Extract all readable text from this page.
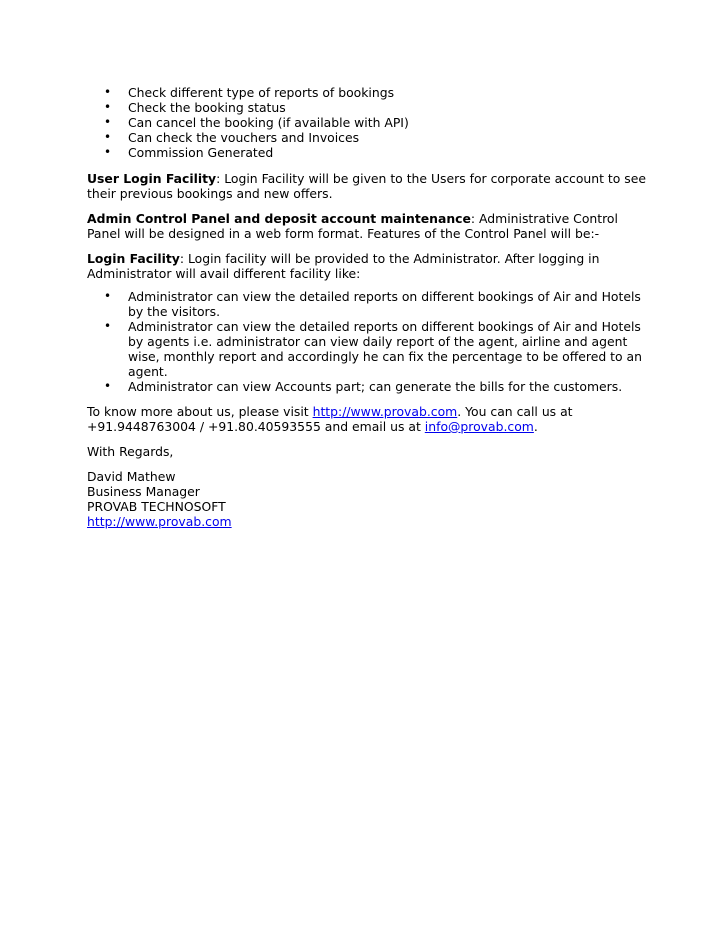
• Check different type of reports of bookings
• Check the booking status
• Can cancel the booking (if available with API)
• Can check the vouchers and Invoices
• Commission Generated

User Login Facility: Login Facility will be given to the Users for corporate account to see their previous bookings and new offers.

Admin Control Panel and deposit account maintenance: Administrative Control Panel will be designed in a web form format. Features of the Control Panel will be:-

Login Facility: Login facility will be provided to the Administrator. After logging in Administrator will avail different facility like:

• Administrator can view the detailed reports on different bookings of Air and Hotels by the visitors.
• Administrator can view the detailed reports on different bookings of Air and Hotels by agents i.e. administrator can view daily report of the agent, airline and agent wise, monthly report and accordingly he can fix the percentage to be offered to an agent.
• Administrator can view Accounts part; can generate the bills for the customers.

To know more about us, please visit http://www.provab.com. You can call us at +91.9448763004 / +91.80.40593555 and email us at info@provab.com.

With Regards,

David Mathew
Business Manager
PROVAB TECHNOSOFT
http://www.provab.com
